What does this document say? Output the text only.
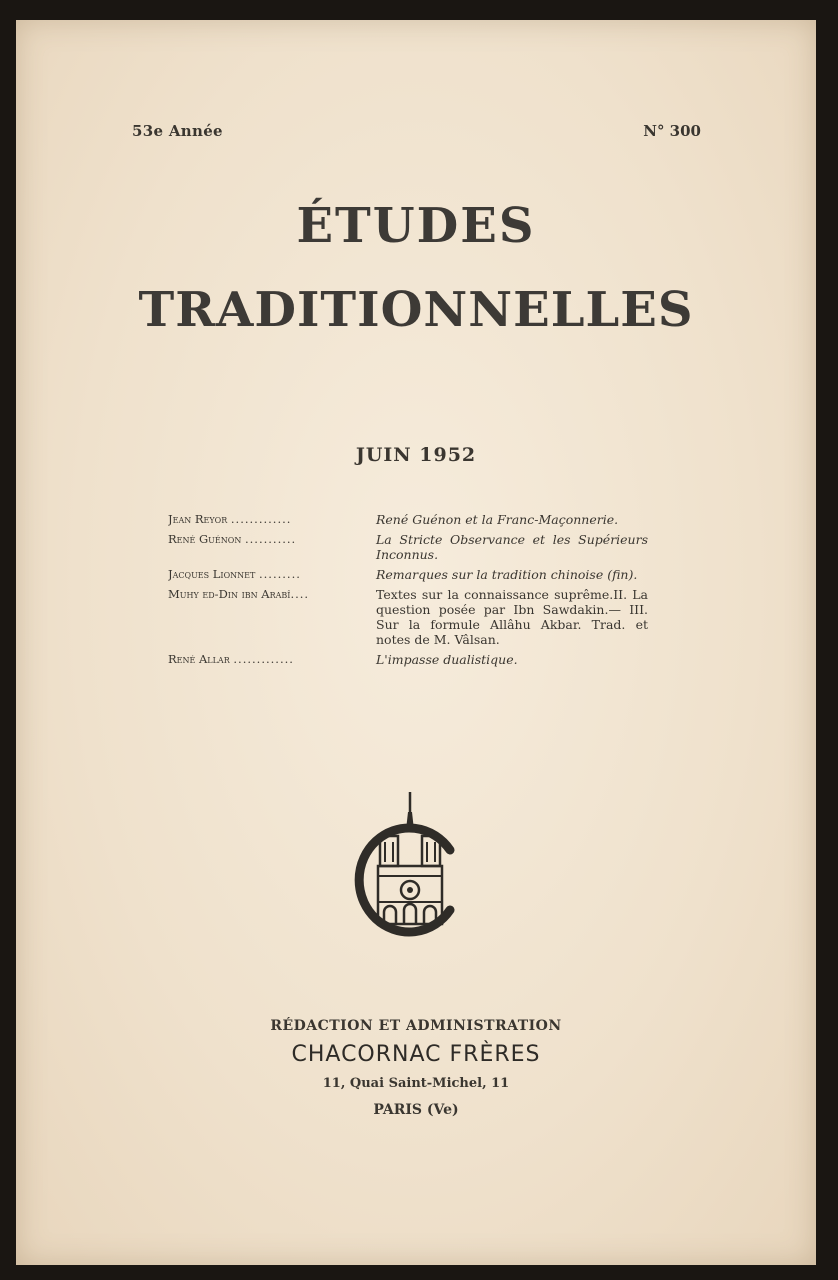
53e Année	N° 300
ÉTUDES
TRADITIONNELLES
JUIN 1952
Jean Reyor .............	René Guénon et la Franc-Maçonnerie.
René Guénon ...........	La Stricte Observance et les Supérieurs Inconnus.
Jacques Lionnet .........	Remarques sur la tradition chinoise (fin).
Muhy ed-Din ibn Arabî....	Textes sur la connaissance suprême.II. La question posée par Ibn Sawdakin.— III. Sur la formule Allâhu Akbar. Trad. et notes de M. Vâlsan.
René Allar .............	L'impasse dualistique.
RÉDACTION ET ADMINISTRATION
CHACORNAC FRÈRES
11, Quai Saint-Michel, 11
PARIS (Ve)
